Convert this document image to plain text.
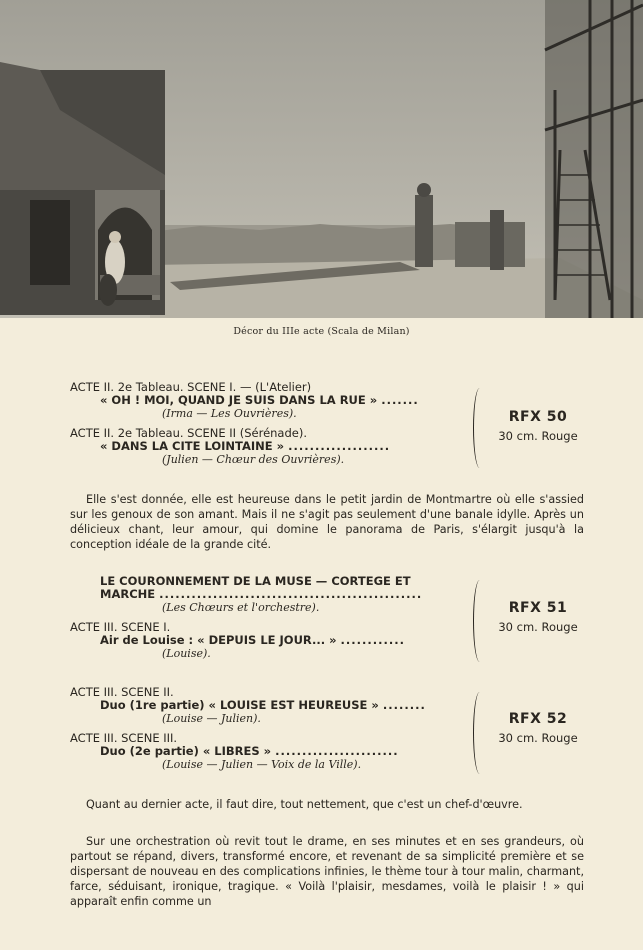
Décor du IIIe acte (Scala de Milan)
ACTE II. 2e Tableau. SCENE I. — (L'Atelier)
« OH ! MOI, QUAND JE SUIS DANS LA RUE » .......
(Irma — Les Ouvrières).
ACTE II. 2e Tableau. SCENE II (Sérénade).
« DANS LA CITE LOINTAINE » ...................
(Julien — Chœur des Ouvrières).
RFX 50
30 cm. Rouge

Elle s'est donnée, elle est heureuse dans le petit jardin de Montmartre où elle s'assied sur les genoux de son amant. Mais il ne s'agit pas seulement d'une banale idylle. Après un délicieux chant, leur amour, qui domine le panorama de Paris, s'élargit jusqu'à la conception idéale de la grande cité.

LE COURONNEMENT DE LA MUSE — CORTEGE ET
MARCHE .................................................
(Les Chœurs et l'orchestre).
ACTE III. SCENE I.
Air de Louise : « DEPUIS LE JOUR... » ............
(Louise).
RFX 51
30 cm. Rouge
ACTE III. SCENE II.
Duo (1re partie) « LOUISE EST HEUREUSE » ........
(Louise — Julien).
ACTE III. SCENE III.
Duo (2e partie) « LIBRES » .......................
(Louise — Julien — Voix de la Ville).
RFX 52
30 cm. Rouge

Quant au dernier acte, il faut dire, tout nettement, que c'est un chef-d'œuvre.

Sur une orchestration où revit tout le drame, en ses minutes et en ses grandeurs, où partout se répand, divers, transformé encore, et revenant de sa simplicité première et se dispersant de nouveau en des complications infinies, le thème tour à tour malin, charmant, farce, séduisant, ironique, tragique. « Voilà l'plaisir, mesdames, voilà le plaisir ! » qui apparaît enfin comme un
